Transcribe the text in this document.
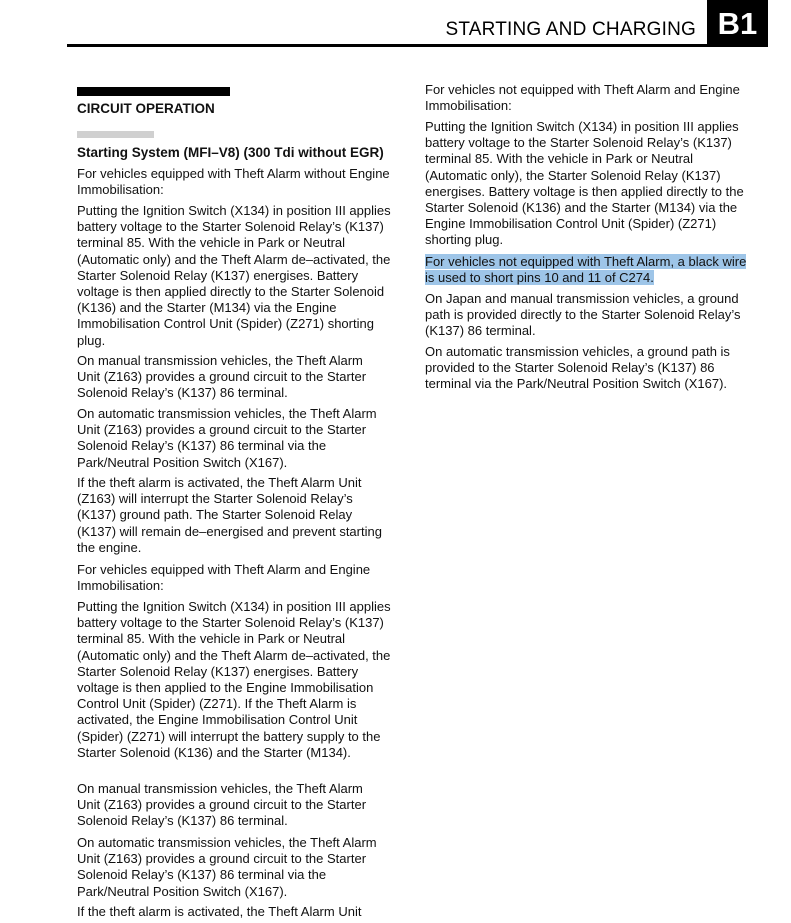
STARTING AND CHARGING B1
CIRCUIT OPERATION
Starting System (MFI–V8) (300 Tdi without EGR)

For vehicles equipped with Theft Alarm without Engine Immobilisation:

Putting the Ignition Switch (X134) in position III applies battery voltage to the Starter Solenoid Relay’s (K137) terminal 85. With the vehicle in Park or Neutral (Automatic only) and the Theft Alarm de–activated, the Starter Solenoid Relay (K137) energises. Battery voltage is then applied directly to the Starter Solenoid (K136) and the Starter (M134) via the Engine Immobilisation Control Unit (Spider) (Z271) shorting plug.

On manual transmission vehicles, the Theft Alarm Unit (Z163) provides a ground circuit to the Starter Solenoid Relay’s (K137) 86 terminal.

On automatic transmission vehicles, the Theft Alarm Unit (Z163) provides a ground circuit to the Starter Solenoid Relay’s (K137) 86 terminal via the Park/Neutral Position Switch (X167).

If the theft alarm is activated, the Theft Alarm Unit (Z163) will interrupt the Starter Solenoid Relay’s (K137) ground path. The Starter Solenoid Relay (K137) will remain de–energised and prevent starting the engine.

For vehicles equipped with Theft Alarm and Engine Immobilisation:

Putting the Ignition Switch (X134) in position III applies battery voltage to the Starter Solenoid Relay’s (K137) terminal 85. With the vehicle in Park or Neutral (Automatic only) and the Theft Alarm de–activated, the Starter Solenoid Relay (K137) energises. Battery voltage is then applied to the Engine Immobilisation Control Unit (Spider) (Z271). If the Theft Alarm is activated, the Engine Immobilisation Control Unit (Spider) (Z271) will interrupt the battery supply to the Starter Solenoid (K136) and the Starter (M134).

On manual transmission vehicles, the Theft Alarm Unit (Z163) provides a ground circuit to the Starter Solenoid Relay’s (K137) 86 terminal.

On automatic transmission vehicles, the Theft Alarm Unit (Z163) provides a ground circuit to the Starter Solenoid Relay’s (K137) 86 terminal via the Park/Neutral Position Switch (X167).

If the theft alarm is activated, the Theft Alarm Unit

For vehicles not equipped with Theft Alarm and Engine Immobilisation:

Putting the Ignition Switch (X134) in position III applies battery voltage to the Starter Solenoid Relay’s (K137) terminal 85. With the vehicle in Park or Neutral (Automatic only), the Starter Solenoid Relay (K137) energises. Battery voltage is then applied directly to the Starter Solenoid (K136) and the Starter (M134) via the Engine Immobilisation Control Unit (Spider) (Z271) shorting plug.

For vehicles not equipped with Theft Alarm, a black wire is used to short pins 10 and 11 of C274.

On Japan and manual transmission vehicles, a ground path is provided directly to the Starter Solenoid Relay’s (K137) 86 terminal.

On automatic transmission vehicles, a ground path is provided to the Starter Solenoid Relay’s (K137) 86 terminal via the Park/Neutral Position Switch (X167).
